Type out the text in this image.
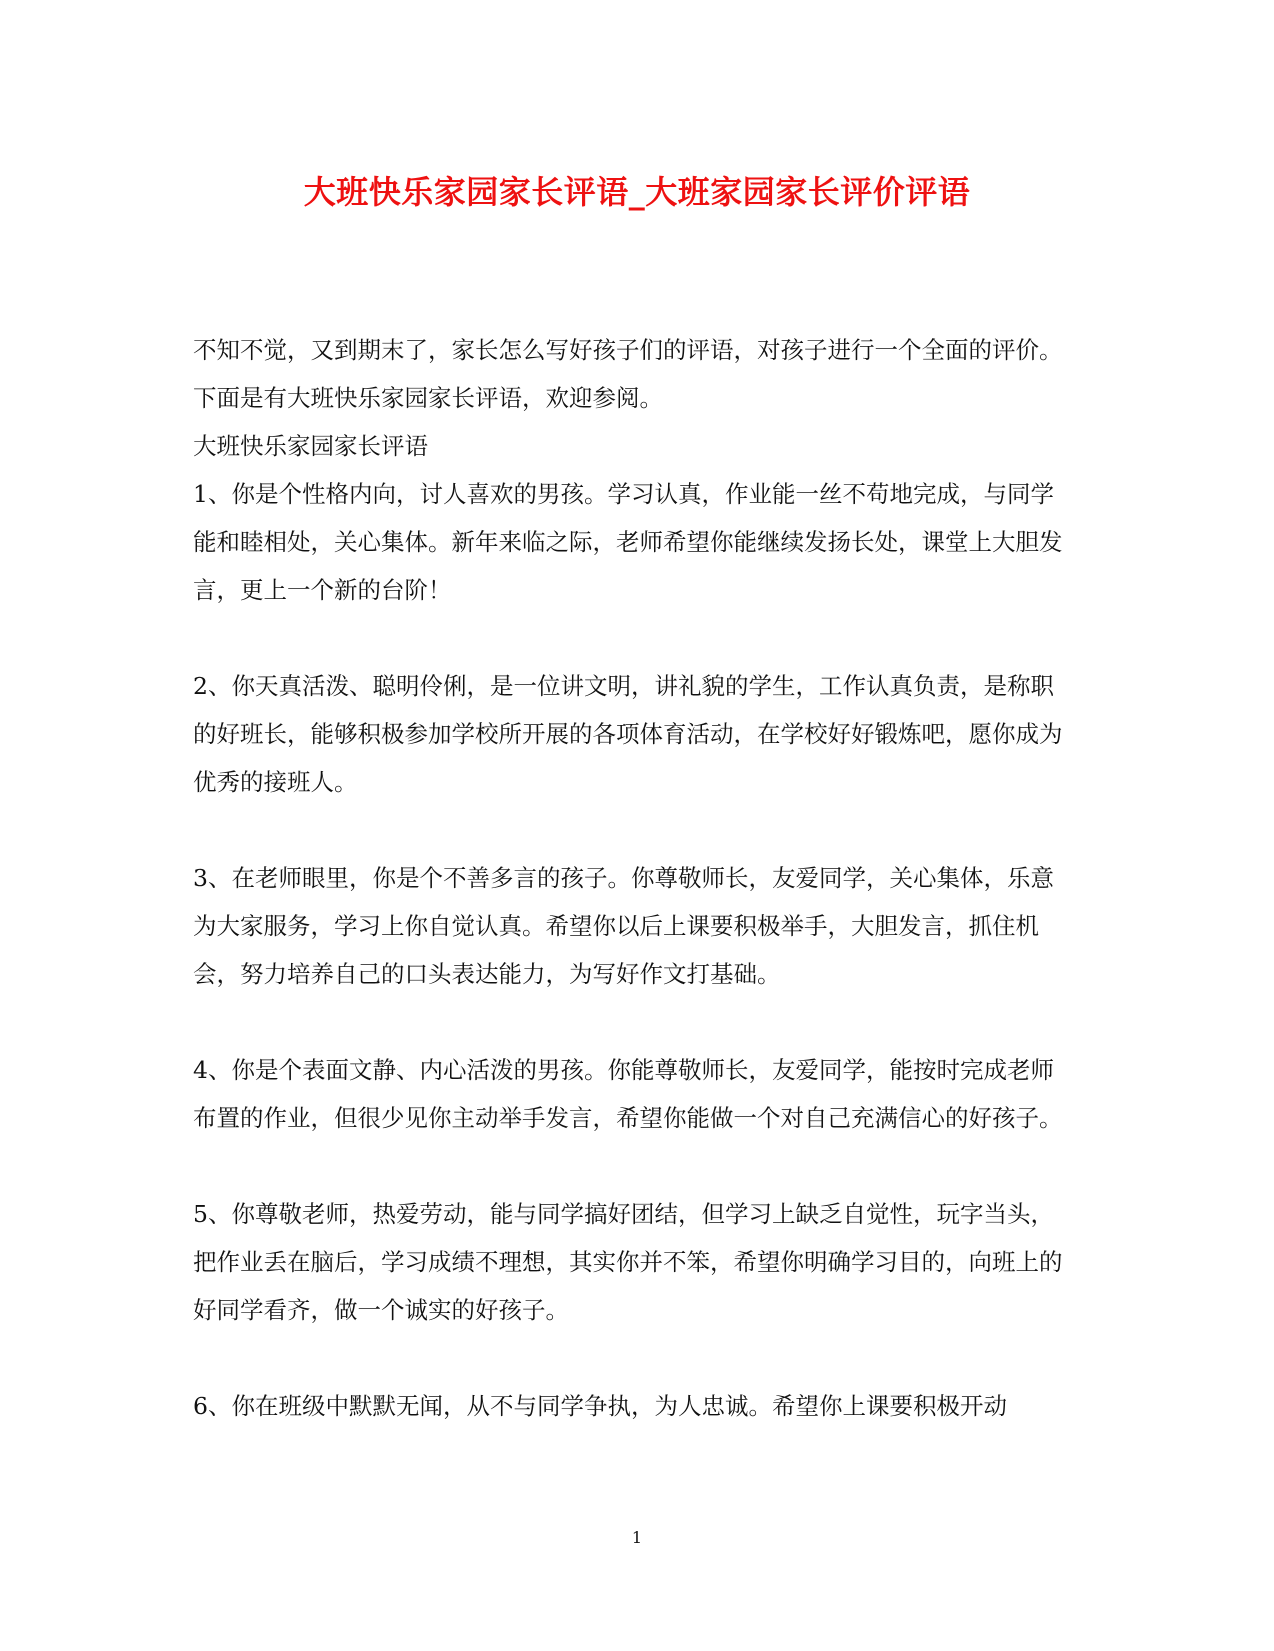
大班快乐家园家长评语_大班家园家长评价评语

不知不觉，又到期末了，家长怎么写好孩子们的评语，对孩子进行一个全面的评价。下面是有大班快乐家园家长评语，欢迎参阅。

大班快乐家园家长评语

1、你是个性格内向，讨人喜欢的男孩。学习认真，作业能一丝不苟地完成，与同学能和睦相处，关心集体。新年来临之际，老师希望你能继续发扬长处，课堂上大胆发言，更上一个新的台阶！

2、你天真活泼、聪明伶俐，是一位讲文明，讲礼貌的学生，工作认真负责，是称职的好班长，能够积极参加学校所开展的各项体育活动，在学校好好锻炼吧，愿你成为优秀的接班人。

3、在老师眼里，你是个不善多言的孩子。你尊敬师长，友爱同学，关心集体，乐意为大家服务，学习上你自觉认真。希望你以后上课要积极举手，大胆发言，抓住机会，努力培养自己的口头表达能力，为写好作文打基础。

4、你是个表面文静、内心活泼的男孩。你能尊敬师长，友爱同学，能按时完成老师布置的作业，但很少见你主动举手发言，希望你能做一个对自己充满信心的好孩子。

5、你尊敬老师，热爱劳动，能与同学搞好团结，但学习上缺乏自觉性，玩字当头，把作业丢在脑后，学习成绩不理想，其实你并不笨，希望你明确学习目的，向班上的好同学看齐，做一个诚实的好孩子。

6、你在班级中默默无闻，从不与同学争执，为人忠诚。希望你上课要积极开动

1
